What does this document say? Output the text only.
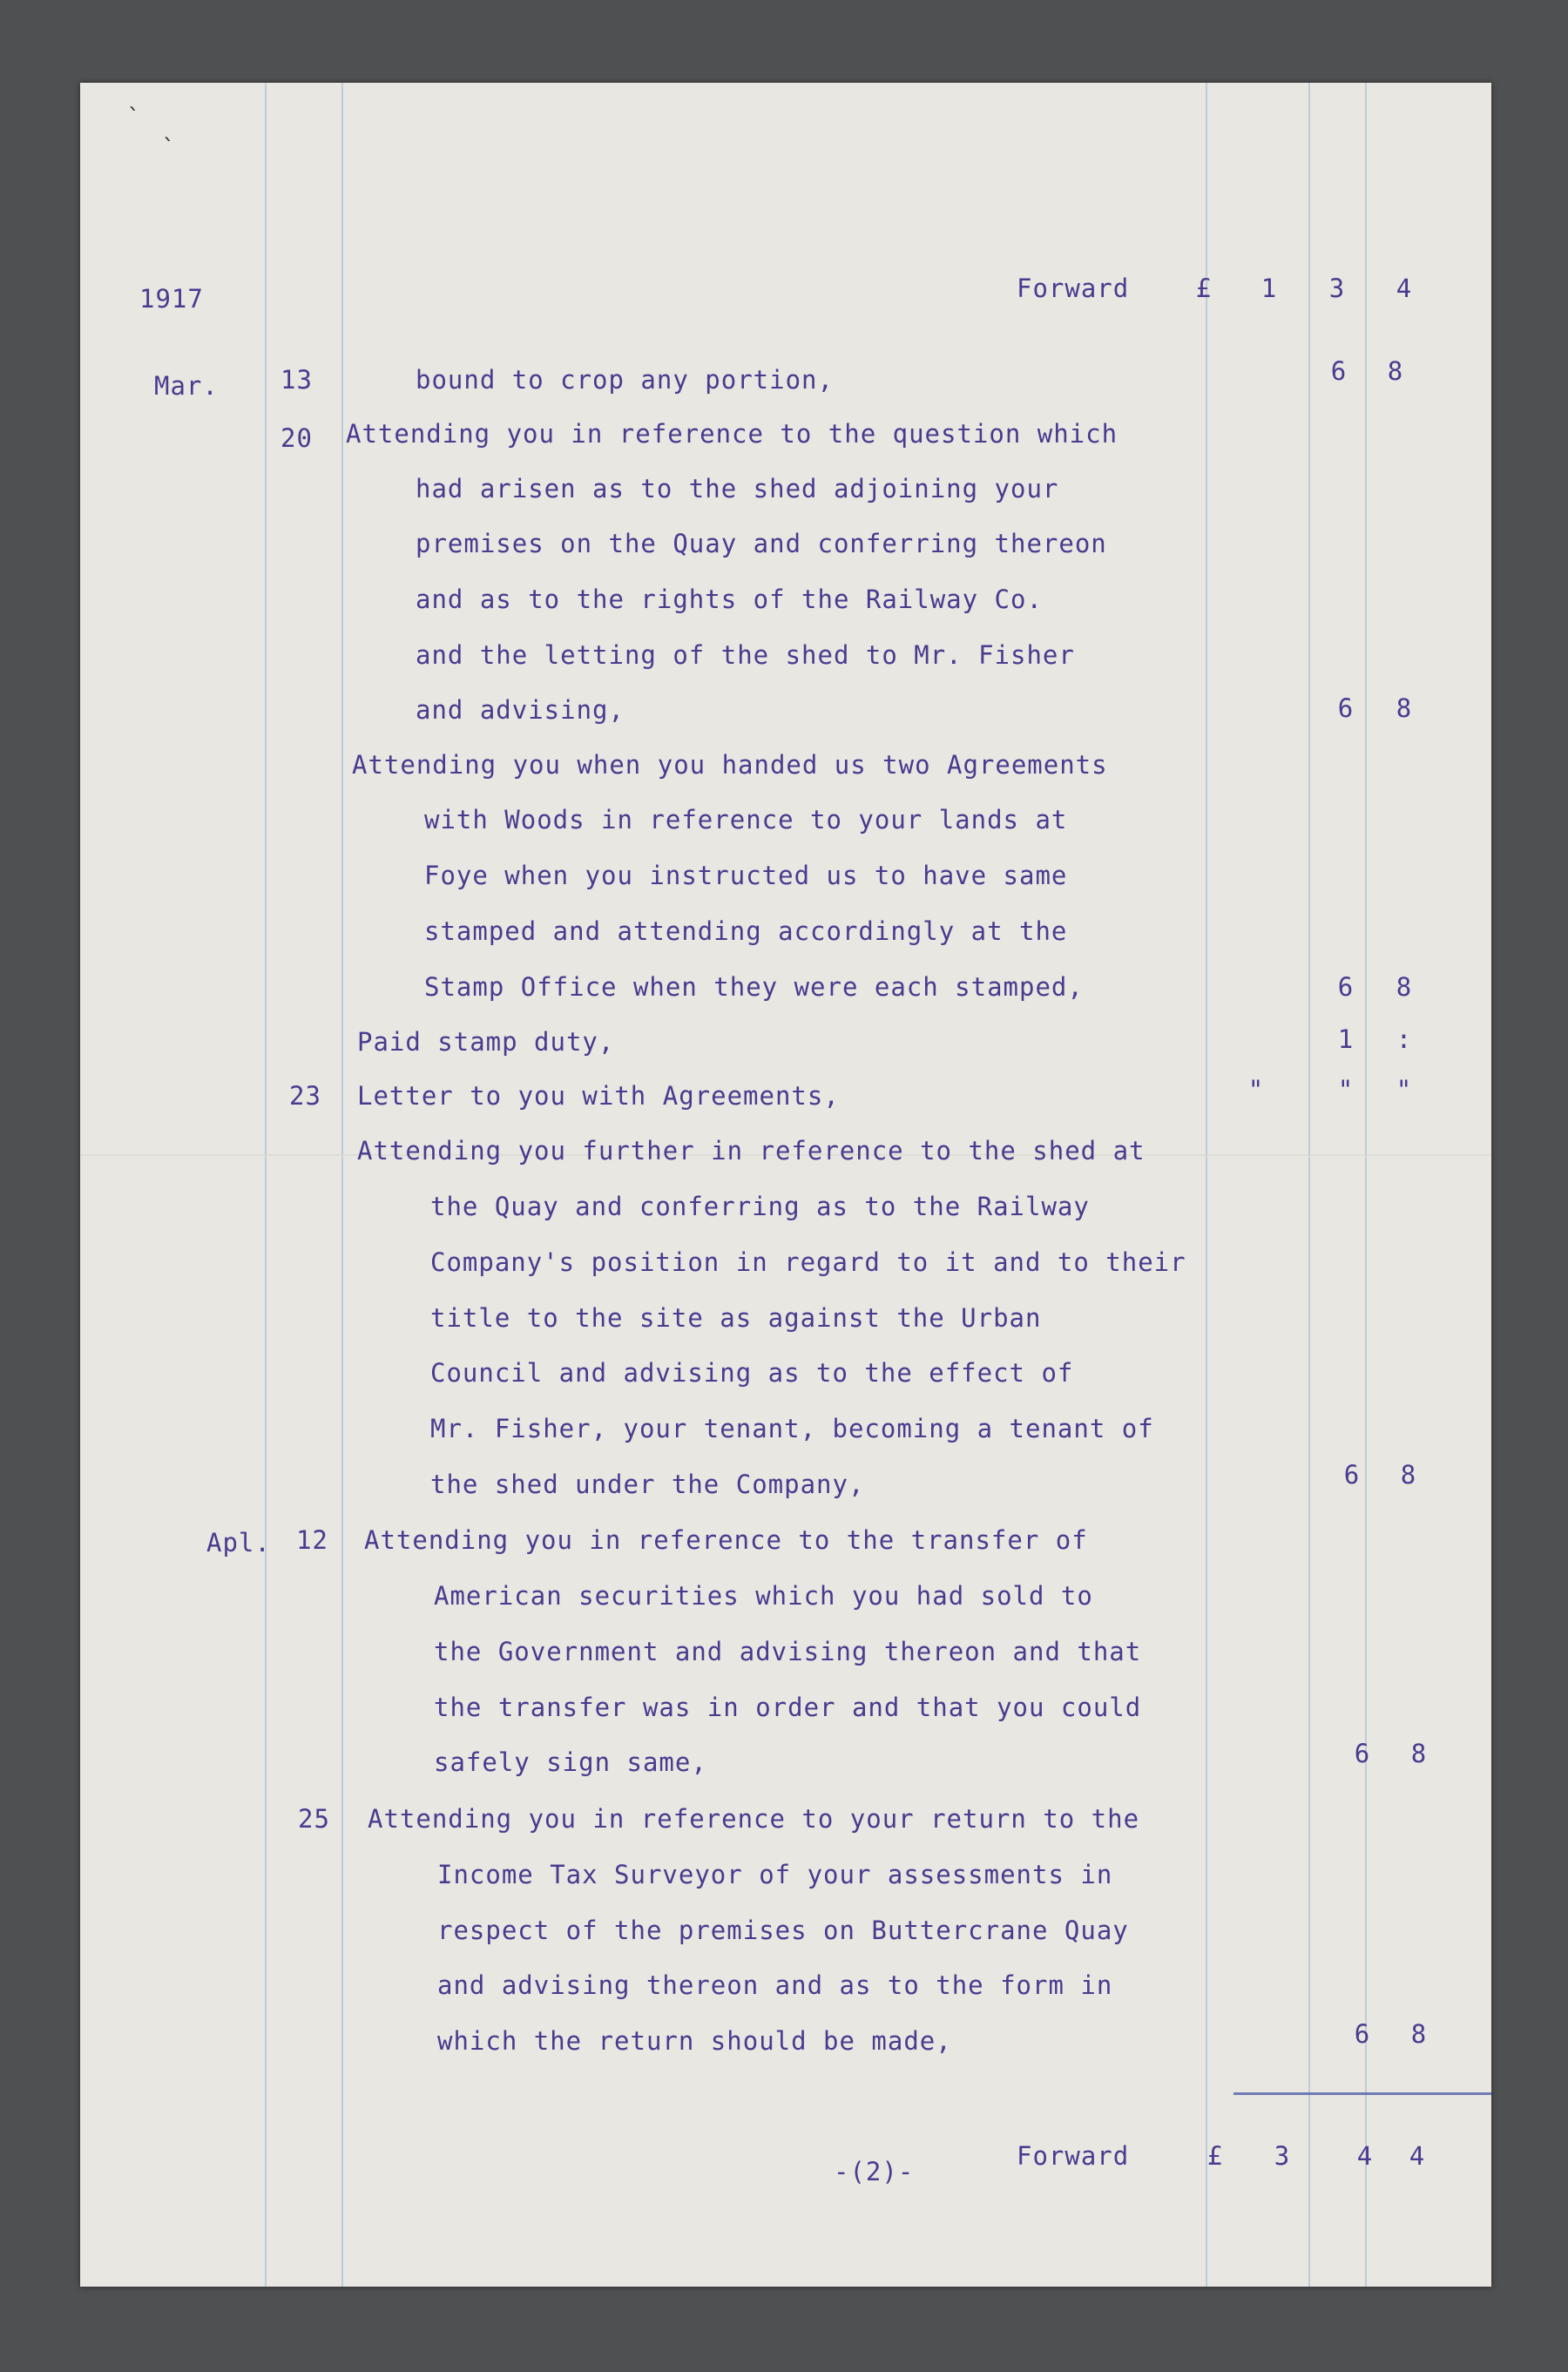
`
`
1917	Forward	£	1	3	4
Mar. 13	bound to crop any portion,	6	8
20 Attending you in reference to the question which
had arisen as to the shed adjoining your
premises on the Quay and conferring thereon
and as to the rights of the Railway Co.
and the letting of the shed to Mr. Fisher
and advising,	6	8
Attending you when you handed us two Agreements
with Woods in reference to your lands at
Foye when you instructed us to have same
stamped and attending accordingly at the
Stamp Office when they were each stamped,	6	8
Paid stamp duty,	1	:
23 Letter to you with Agreements,	"	"	"
Attending you further in reference to the shed at
the Quay and conferring as to the Railway
Company's position in regard to it and to their
title to the site as against the Urban
Council and advising as to the effect of
Mr. Fisher, your tenant, becoming a tenant of
the shed under the Company,	6	8
Apl. 12 Attending you in reference to the transfer of
American securities which you had sold to
the Government and advising thereon and that
the transfer was in order and that you could
safely sign same,	6	8
25 Attending you in reference to your return to the
Income Tax Surveyor of your assessments in
respect of the premises on Buttercrane Quay
and advising thereon and as to the form in
which the return should be made,	6	8
-(2)-
Forward	£	3	4	4
